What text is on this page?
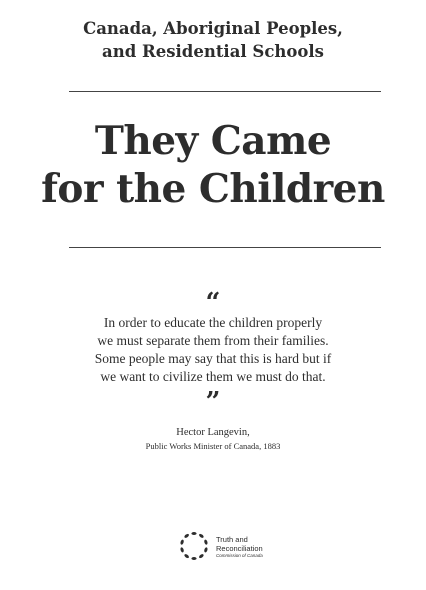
Canada, Aboriginal Peoples,
and Residential Schools
They Came
for the Children
“
In order to educate the children properly
we must separate them from their families.
Some people may say that this is hard but if
we want to civilize them we must do that.
”
Hector Langevin,
Public Works Minister of Canada, 1883
Truth and
Reconciliation
Commission of Canada
